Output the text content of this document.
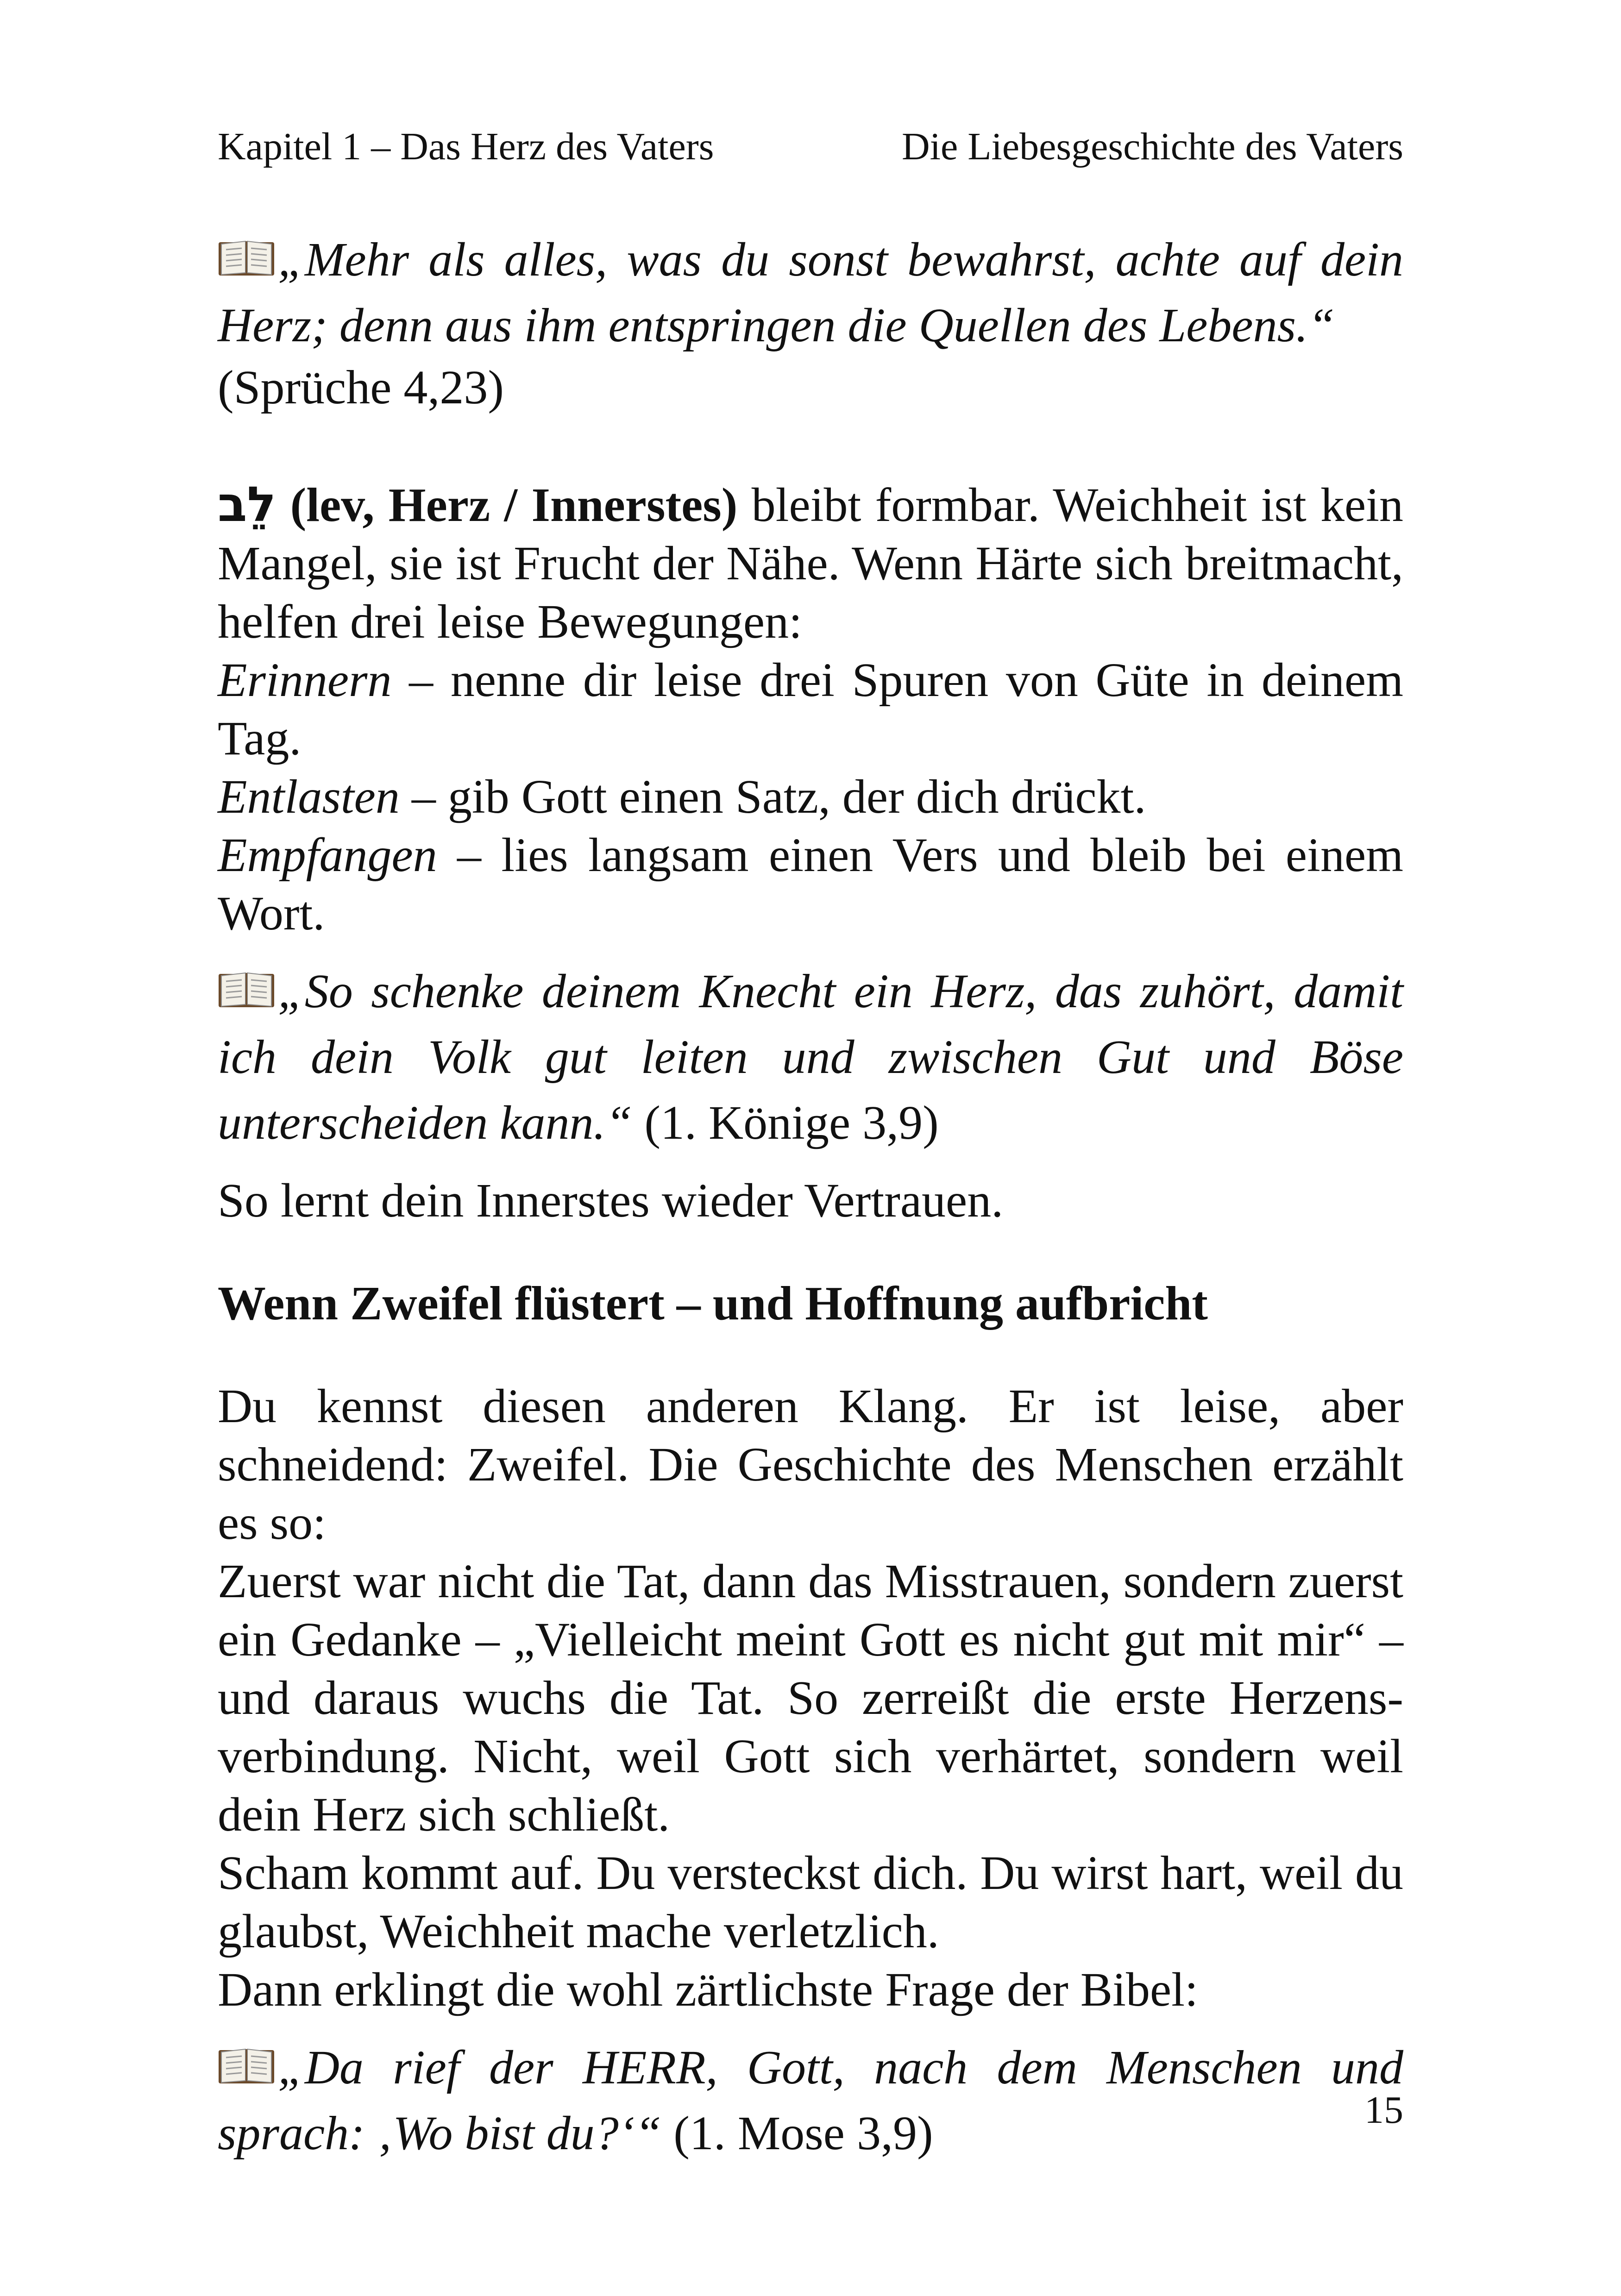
Kapitel 1 – Das Herz des Vaters	Die Liebesgeschichte des Vaters

„Mehr als alles, was du sonst bewahrst, achte auf dein Herz; denn aus ihm entspringen die Quellen des Lebens.“

(Sprüche 4,23)

לֵב (lev, Herz / Innerstes) bleibt formbar. Weichheit ist kein Mangel, sie ist Frucht der Nähe. Wenn Härte sich breitmacht, helfen drei leise Bewegungen:

Erinnern – nenne dir leise drei Spuren von Güte in deinem Tag.

Entlasten – gib Gott einen Satz, der dich drückt.

Empfangen – lies langsam einen Vers und bleib bei einem Wort.

„So schenke deinem Knecht ein Herz, das zuhört, damit ich dein Volk gut leiten und zwischen Gut und Böse unterscheiden kann.“ (1. Könige 3,9)

So lernt dein Innerstes wieder Vertrauen.

Wenn Zweifel flüstert – und Hoffnung aufbricht

Du kennst diesen anderen Klang. Er ist leise, aber schneidend: Zweifel. Die Geschichte des Menschen erzählt es so:

Zuerst war nicht die Tat, dann das Misstrauen, sondern zuerst ein Gedanke – „Vielleicht meint Gott es nicht gut mit mir“ – und daraus wuchs die Tat. So zerreißt die erste Herzens-verbindung. Nicht, weil Gott sich verhärtet, sondern weil dein Herz sich schließt.

Scham kommt auf. Du versteckst dich. Du wirst hart, weil du glaubst, Weichheit mache verletzlich.

Dann erklingt die wohl zärtlichste Frage der Bibel:

„Da rief der HERR, Gott, nach dem Menschen und sprach: ‚Wo bist du?‘“ (1. Mose 3,9)	15
